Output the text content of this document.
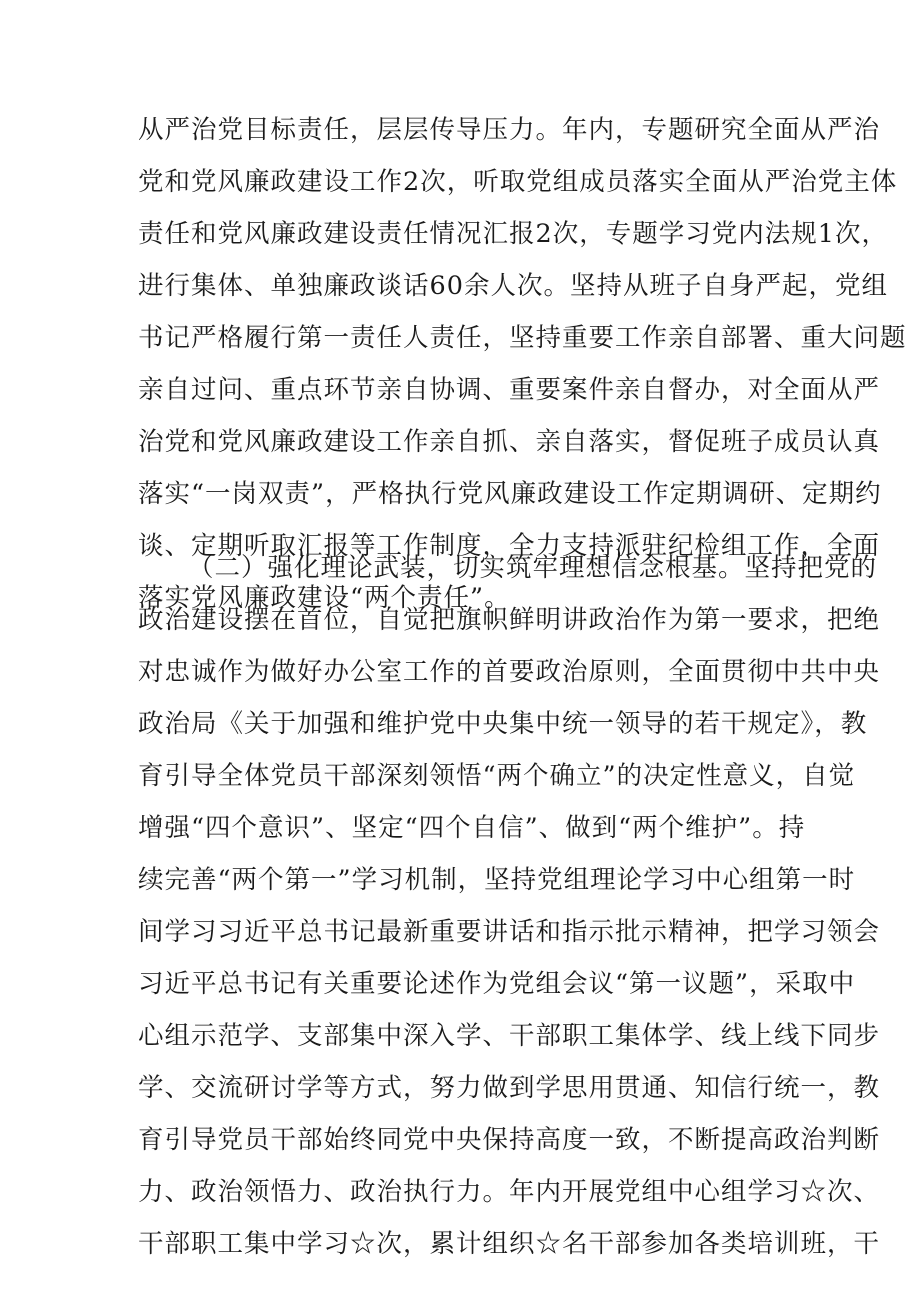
从严治党目标责任，层层传导压力。年内，专题研究全面从严治
党和党风廉政建设工作2次，听取党组成员落实全面从严治党主体
责任和党风廉政建设责任情况汇报2次，专题学习党内法规1次，
进行集体、单独廉政谈话60余人次。坚持从班子自身严起，党组
书记严格履行第一责任人责任，坚持重要工作亲自部署、重大问题
亲自过问、重点环节亲自协调、重要案件亲自督办，对全面从严
治党和党风廉政建设工作亲自抓、亲自落实，督促班子成员认真
落实“一岗双责”，严格执行党风廉政建设工作定期调研、定期约
谈、定期听取汇报等工作制度，全力支持派驻纪检组工作，全面
落实党风廉政建设“两个责任”。
（二）强化理论武装，切实筑牢理想信念根基。坚持把党的
政治建设摆在首位，自觉把旗帜鲜明讲政治作为第一要求，把绝
对忠诚作为做好办公室工作的首要政治原则，全面贯彻中共中央
政治局《关于加强和维护党中央集中统一领导的若干规定》，教
育引导全体党员干部深刻领悟“两个确立”的决定性意义，自觉
增强“四个意识”、坚定“四个自信”、做到“两个维护”。持
续完善“两个第一”学习机制，坚持党组理论学习中心组第一时
间学习习近平总书记最新重要讲话和指示批示精神，把学习领会
习近平总书记有关重要论述作为党组会议“第一议题”，采取中
心组示范学、支部集中深入学、干部职工集体学、线上线下同步
学、交流研讨学等方式，努力做到学思用贯通、知信行统一，教
育引导党员干部始终同党中央保持高度一致，不断提高政治判断
力、政治领悟力、政治执行力。年内开展党组中心组学习☆次、
干部职工集中学习☆次，累计组织☆名干部参加各类培训班，干
